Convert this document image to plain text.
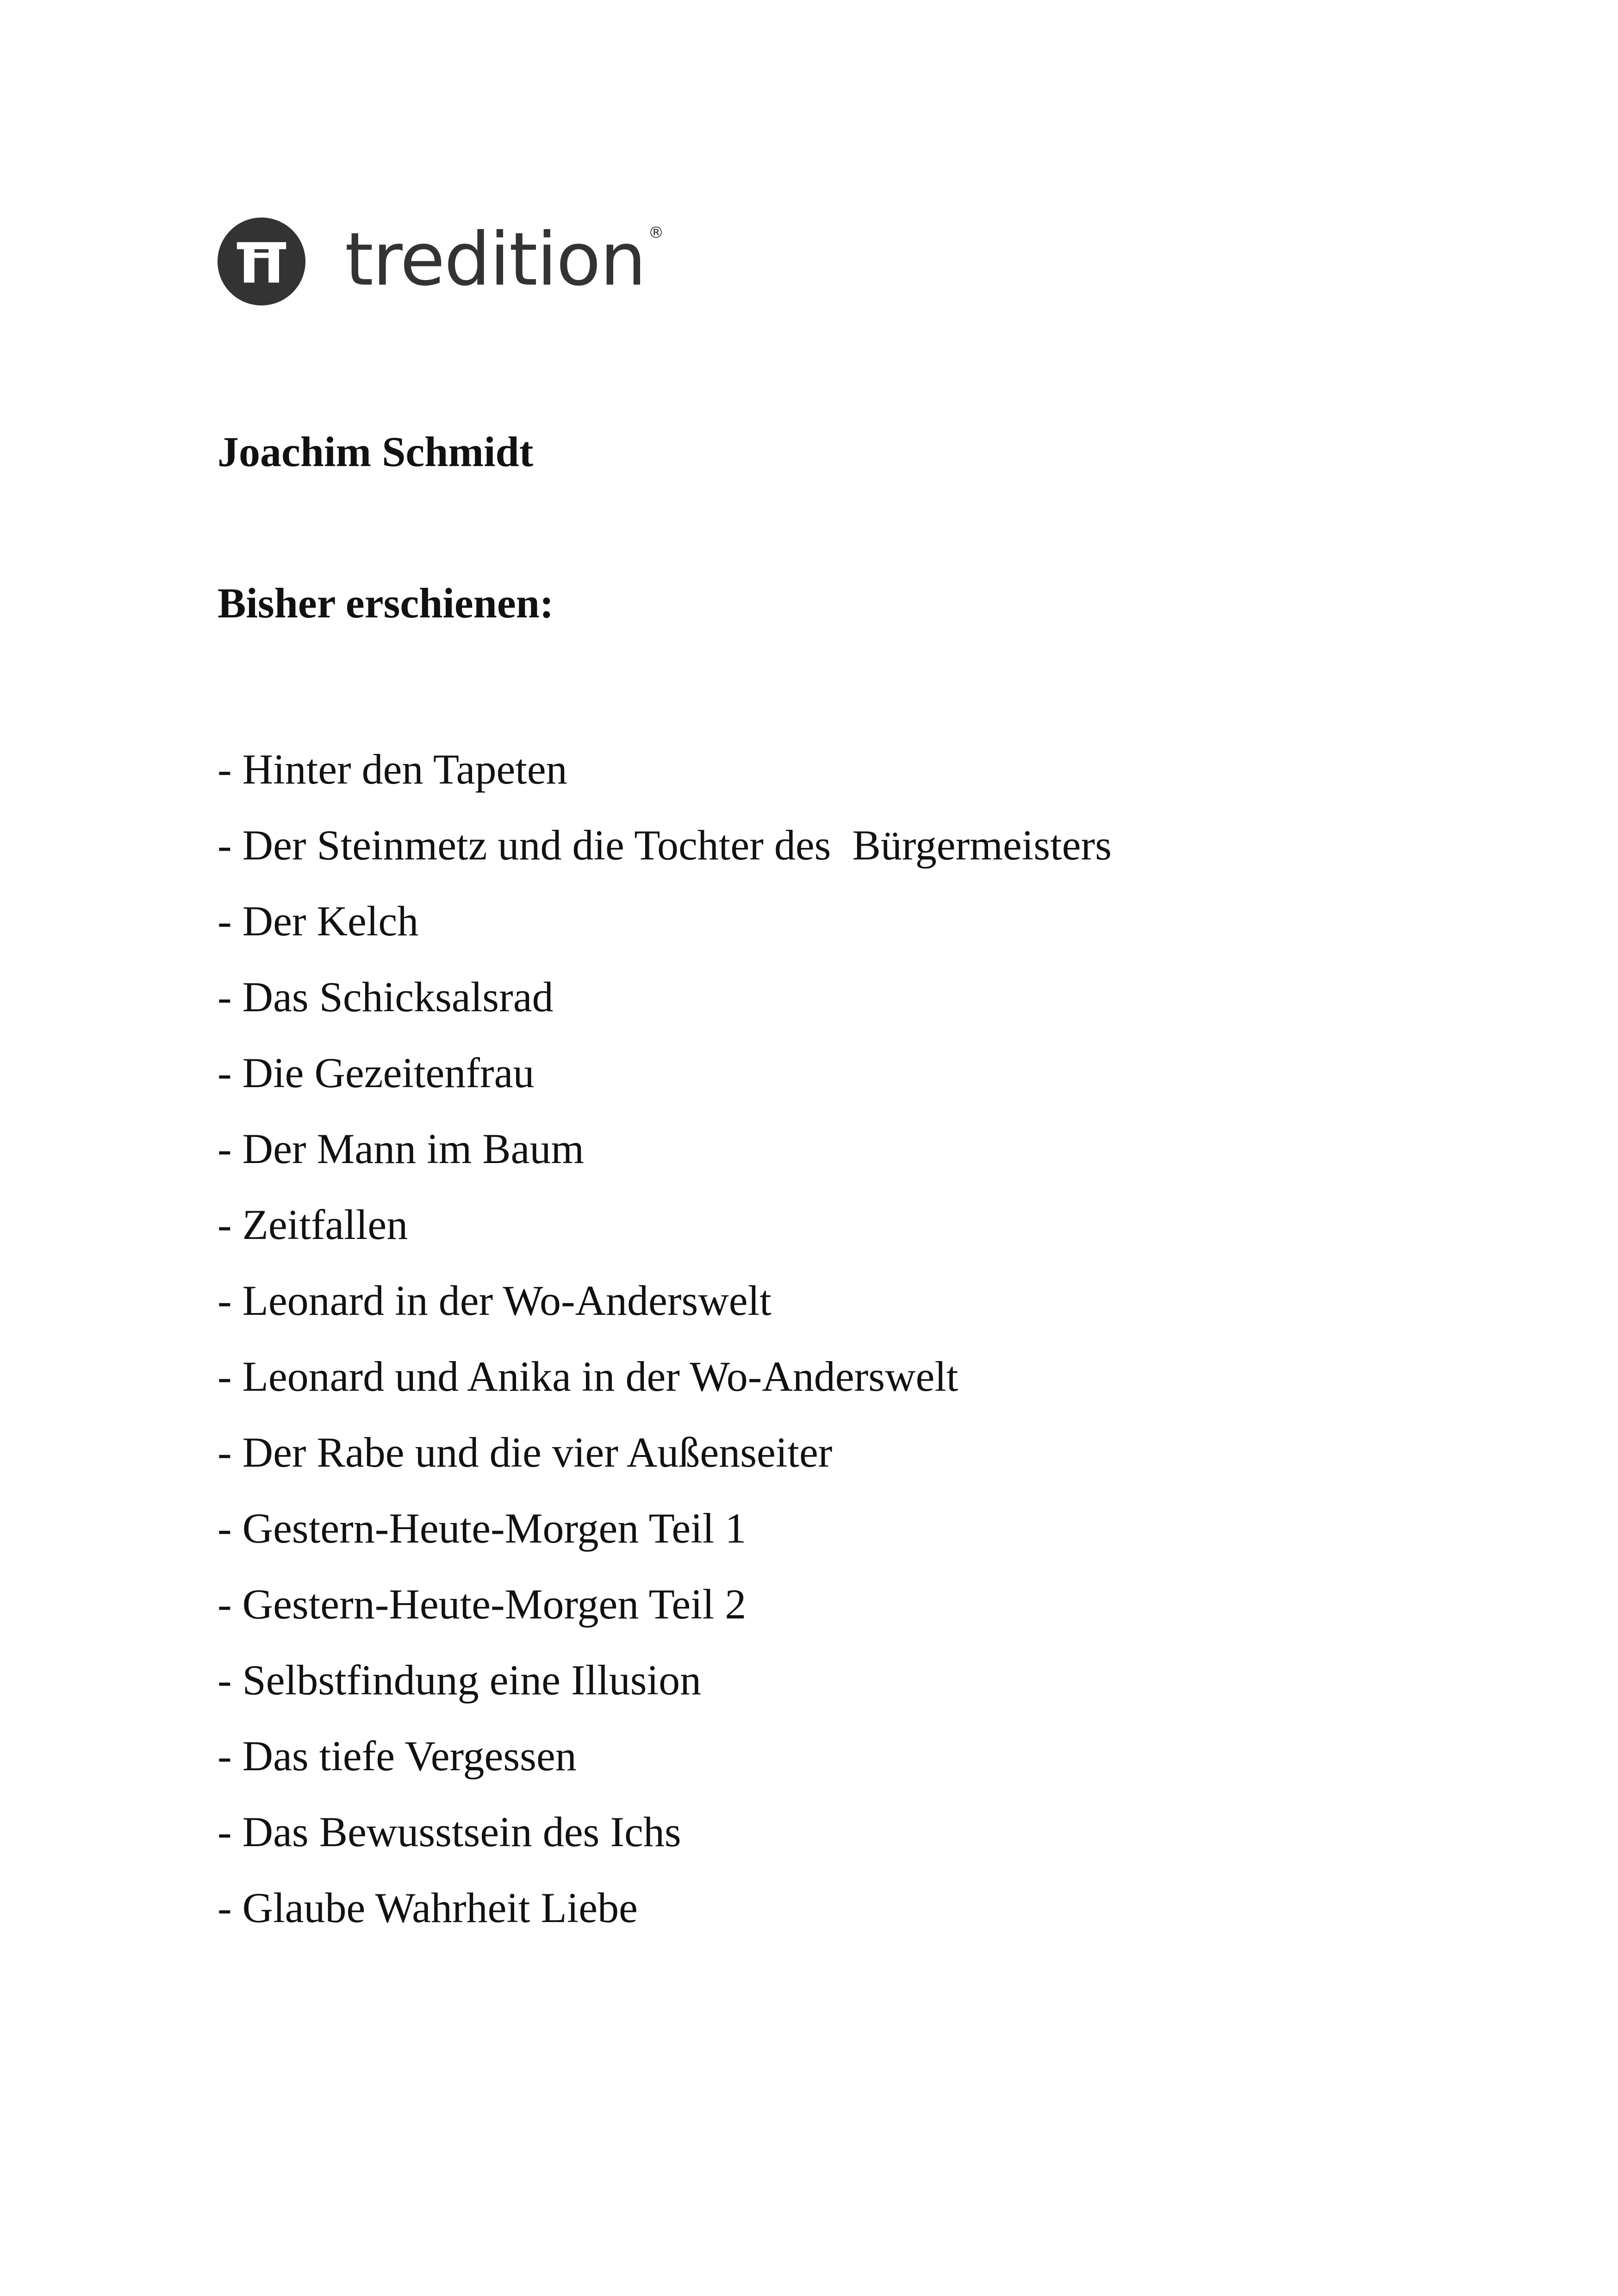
tredition ®
Joachim Schmidt
Bisher erschienen:
- Hinter den Tapeten
- Der Steinmetz und die Tochter des  Bürgermeisters
- Der Kelch
- Das Schicksalsrad
- Die Gezeitenfrau
- Der Mann im Baum
- Zeitfallen
- Leonard in der Wo-Anderswelt
- Leonard und Anika in der Wo-Anderswelt
- Der Rabe und die vier Außenseiter
- Gestern-Heute-Morgen Teil 1
- Gestern-Heute-Morgen Teil 2
- Selbstfindung eine Illusion
- Das tiefe Vergessen
- Das Bewusstsein des Ichs
- Glaube Wahrheit Liebe
